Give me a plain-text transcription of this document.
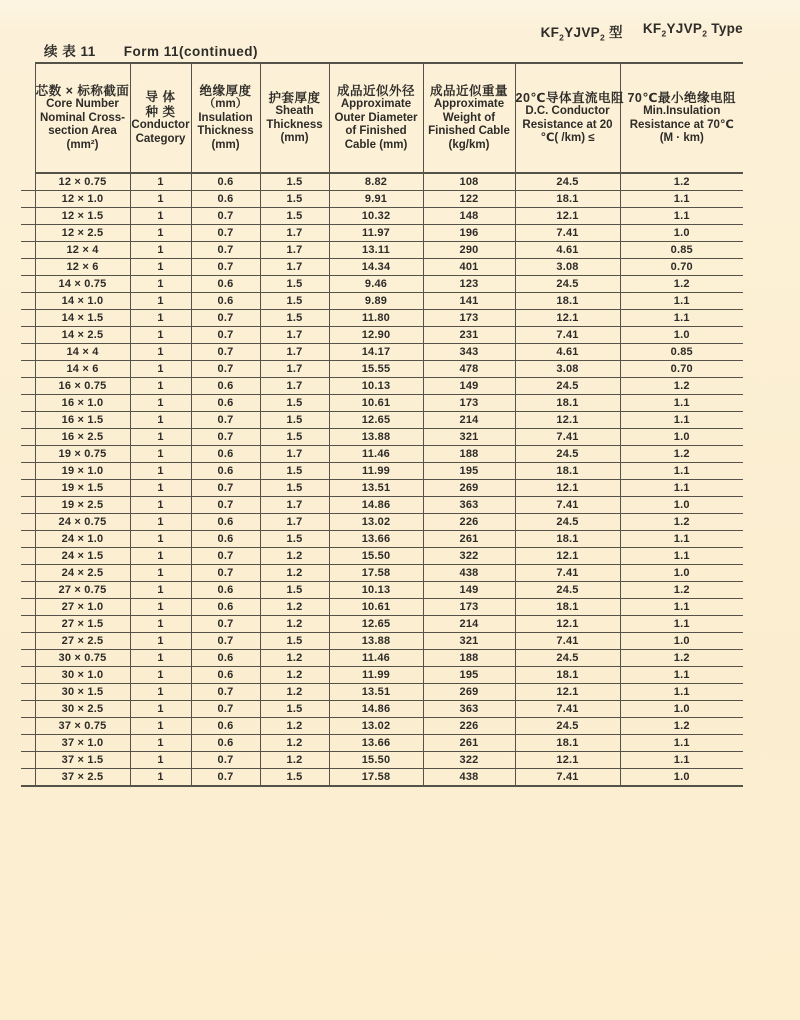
续 表 11 Form 11(continued)
$KF_2YJVP_2$ 型 $KF_2YJVP_2$ Type

芯数 × 标称截面
Core Number
Nominal Cross-
section Area
(mm²)

导 体
种 类
Conductor
Category

绝缘厚度
（mm）
Insulation
Thickness
(mm)

护套厚度
Sheath
Thickness
(mm)

成品近似外径
Approximate
Outer Diameter
of Finished
Cable (mm)

成品近似重量
Approximate
Weight of
Finished Cable
(kg/km)

20℃导体直流电阻
D.C. Conductor
Resistance at 20
℃( /km) ≤

70℃最小绝缘电阻
Min.Insulation
Resistance at 70℃
(M · km)

	12 × 0.75	1	0.6	1.5	8.82	108	24.5	1.2
	12 × 1.0	1	0.6	1.5	9.91	122	18.1	1.1
	12 × 1.5	1	0.7	1.5	10.32	148	12.1	1.1
	12 × 2.5	1	0.7	1.7	11.97	196	7.41	1.0
	12 × 4	1	0.7	1.7	13.11	290	4.61	0.85
	12 × 6	1	0.7	1.7	14.34	401	3.08	0.70
	14 × 0.75	1	0.6	1.5	9.46	123	24.5	1.2
	14 × 1.0	1	0.6	1.5	9.89	141	18.1	1.1
	14 × 1.5	1	0.7	1.5	11.80	173	12.1	1.1
	14 × 2.5	1	0.7	1.7	12.90	231	7.41	1.0
	14 × 4	1	0.7	1.7	14.17	343	4.61	0.85
	14 × 6	1	0.7	1.7	15.55	478	3.08	0.70
	16 × 0.75	1	0.6	1.7	10.13	149	24.5	1.2
	16 × 1.0	1	0.6	1.5	10.61	173	18.1	1.1
	16 × 1.5	1	0.7	1.5	12.65	214	12.1	1.1
	16 × 2.5	1	0.7	1.5	13.88	321	7.41	1.0
	19 × 0.75	1	0.6	1.7	11.46	188	24.5	1.2
	19 × 1.0	1	0.6	1.5	11.99	195	18.1	1.1
	19 × 1.5	1	0.7	1.5	13.51	269	12.1	1.1
	19 × 2.5	1	0.7	1.7	14.86	363	7.41	1.0
	24 × 0.75	1	0.6	1.7	13.02	226	24.5	1.2
	24 × 1.0	1	0.6	1.5	13.66	261	18.1	1.1
	24 × 1.5	1	0.7	1.2	15.50	322	12.1	1.1
	24 × 2.5	1	0.7	1.2	17.58	438	7.41	1.0
	27 × 0.75	1	0.6	1.5	10.13	149	24.5	1.2
	27 × 1.0	1	0.6	1.2	10.61	173	18.1	1.1
	27 × 1.5	1	0.7	1.2	12.65	214	12.1	1.1
	27 × 2.5	1	0.7	1.5	13.88	321	7.41	1.0
	30 × 0.75	1	0.6	1.2	11.46	188	24.5	1.2
	30 × 1.0	1	0.6	1.2	11.99	195	18.1	1.1
	30 × 1.5	1	0.7	1.2	13.51	269	12.1	1.1
	30 × 2.5	1	0.7	1.5	14.86	363	7.41	1.0
	37 × 0.75	1	0.6	1.2	13.02	226	24.5	1.2
	37 × 1.0	1	0.6	1.2	13.66	261	18.1	1.1
	37 × 1.5	1	0.7	1.2	15.50	322	12.1	1.1
	37 × 2.5	1	0.7	1.5	17.58	438	7.41	1.0
